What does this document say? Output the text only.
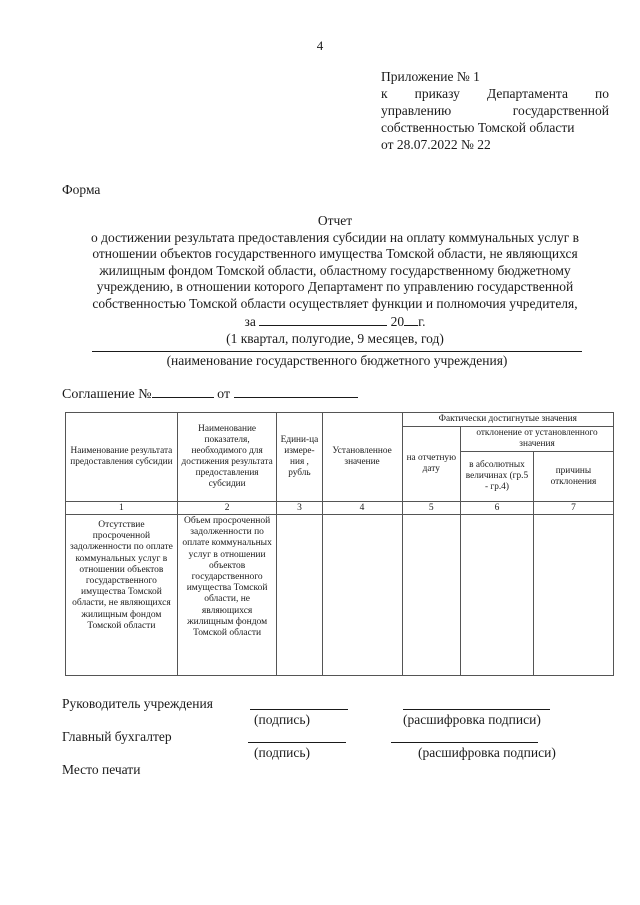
4
Приложение № 1
к приказу Департамента по
управлению государственной
собственностью Томской области
от 28.07.2022 № 22
Форма
Отчет
о достижении результата предоставления субсидии на оплату коммунальных услуг в
отношении объектов государственного имущества Томской области, не являющихся
жилищным фондом Томской области, областному государственному бюджетному
учреждению, в отношении которого Департамент по управлению государственной
собственностью Томской области осуществляет функции и полномочия учредителя,
за	20 г.
(1 квартал, полугодие, 9 месяцев, год)
(наименование государственного бюджетного учреждения)
Соглашение №	от
Наименование результата предоставления субсидии	Наименование показателя, необходимого для достижения результата предоставления субсидии	Едини-ца измере-ния , рубль	Установленное значение	Фактически достигнутые значения		
				на отчетную дату	отклонение от установленного значения	
					в абсолютных величинах (гр.5 - гр.4)	причины отклонения
1	2	3	4	5	6	7
Отсутствие просроченной задолженности по оплате коммунальных услуг в отношении объектов государственного имущества Томской области, не являющихся жилищным фондом Томской области	Объем просроченной задолженности по оплате коммунальных услуг в отношении объектов государственного имущества Томской области, не являющихся жилищным фондом Томской области					
Руководитель учреждения
(подпись)	(расшифровка подписи)
Главный бухгалтер
(подпись)	(расшифровка подписи)
Место печати
